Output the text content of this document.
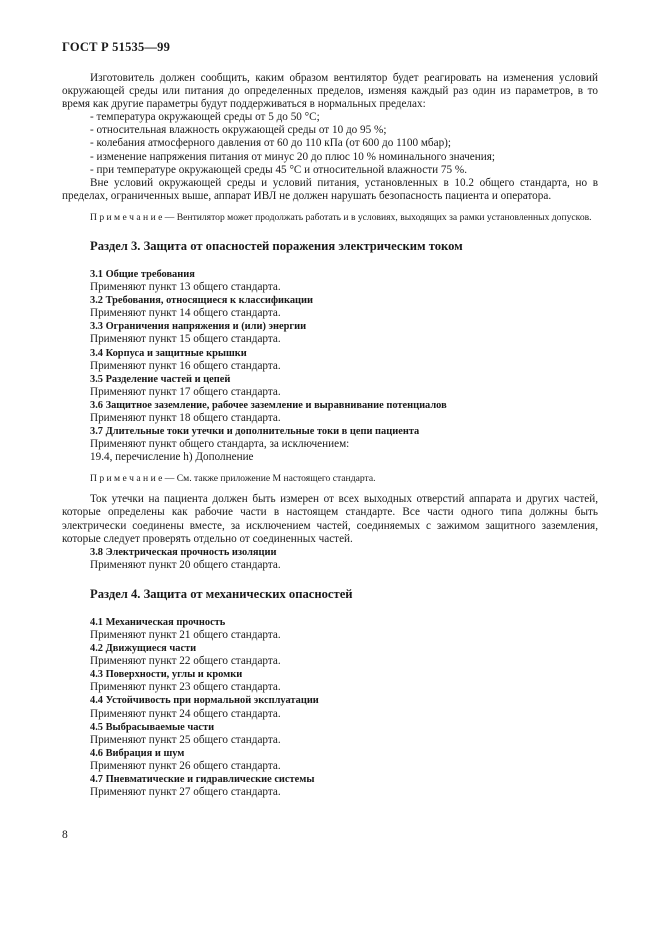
ГОСТ Р 51535—99

Изготовитель должен сообщить, каким образом вентилятор будет реагировать на изменения условий окружающей среды или питания до определенных пределов, изменяя каждый раз один из параметров, в то время как другие параметры будут поддерживаться в нормальных пределах:

- температура окружающей среды от 5 до 50 °С;

- относительная влажность окружающей среды от 10 до 95 %;

- колебания атмосферного давления от 60 до 110 кПа (от 600 до 1100 мбар);

- изменение напряжения питания от минус 20 до плюс 10 % номинального значения;

- при температуре окружающей среды 45 °С и относительной влажности 75 %.

Вне условий окружающей среды и условий питания, установленных в 10.2 общего стандарта, но в пределах, ограниченных выше, аппарат ИВЛ не должен нарушать безопасность пациента и оператора.

П р и м е ч а н и е — Вентилятор может продолжать работать и в условиях, выходящих за рамки установленных допусков.

Раздел 3. Защита от опасностей поражения электрическим током

3.1 Общие требования

Применяют пункт 13 общего стандарта.

3.2 Требования, относящиеся к классификации

Применяют пункт 14 общего стандарта.

3.3 Ограничения напряжения и (или) энергии

Применяют пункт 15 общего стандарта.

3.4 Корпуса и защитные крышки

Применяют пункт 16 общего стандарта.

3.5 Разделение частей и цепей

Применяют пункт 17 общего стандарта.

3.6 Защитное заземление, рабочее заземление и выравнивание потенциалов

Применяют пункт 18 общего стандарта.

3.7 Длительные токи утечки и дополнительные токи в цепи пациента

Применяют пункт общего стандарта, за исключением:

19.4, перечисление h) Дополнение

П р и м е ч а н и е — См. также приложение М настоящего стандарта.

Ток утечки на пациента должен быть измерен от всех выходных отверстий аппарата и других частей, которые определены как рабочие части в настоящем стандарте. Все части одного типа должны быть электрически соединены вместе, за исключением частей, соединяемых с зажимом защитного заземления, которые следует проверять отдельно от соединенных частей.

3.8 Электрическая прочность изоляции

Применяют пункт 20 общего стандарта.

Раздел 4. Защита от механических опасностей

4.1 Механическая прочность

Применяют пункт 21 общего стандарта.

4.2 Движущиеся части

Применяют пункт 22 общего стандарта.

4.3 Поверхности, углы и кромки

Применяют пункт 23 общего стандарта.

4.4 Устойчивость при нормальной эксплуатации

Применяют пункт 24 общего стандарта.

4.5 Выбрасываемые части

Применяют пункт 25 общего стандарта.

4.6 Вибрация и шум

Применяют пункт 26 общего стандарта.

4.7 Пневматические и гидравлические системы

Применяют пункт 27 общего стандарта.

8
